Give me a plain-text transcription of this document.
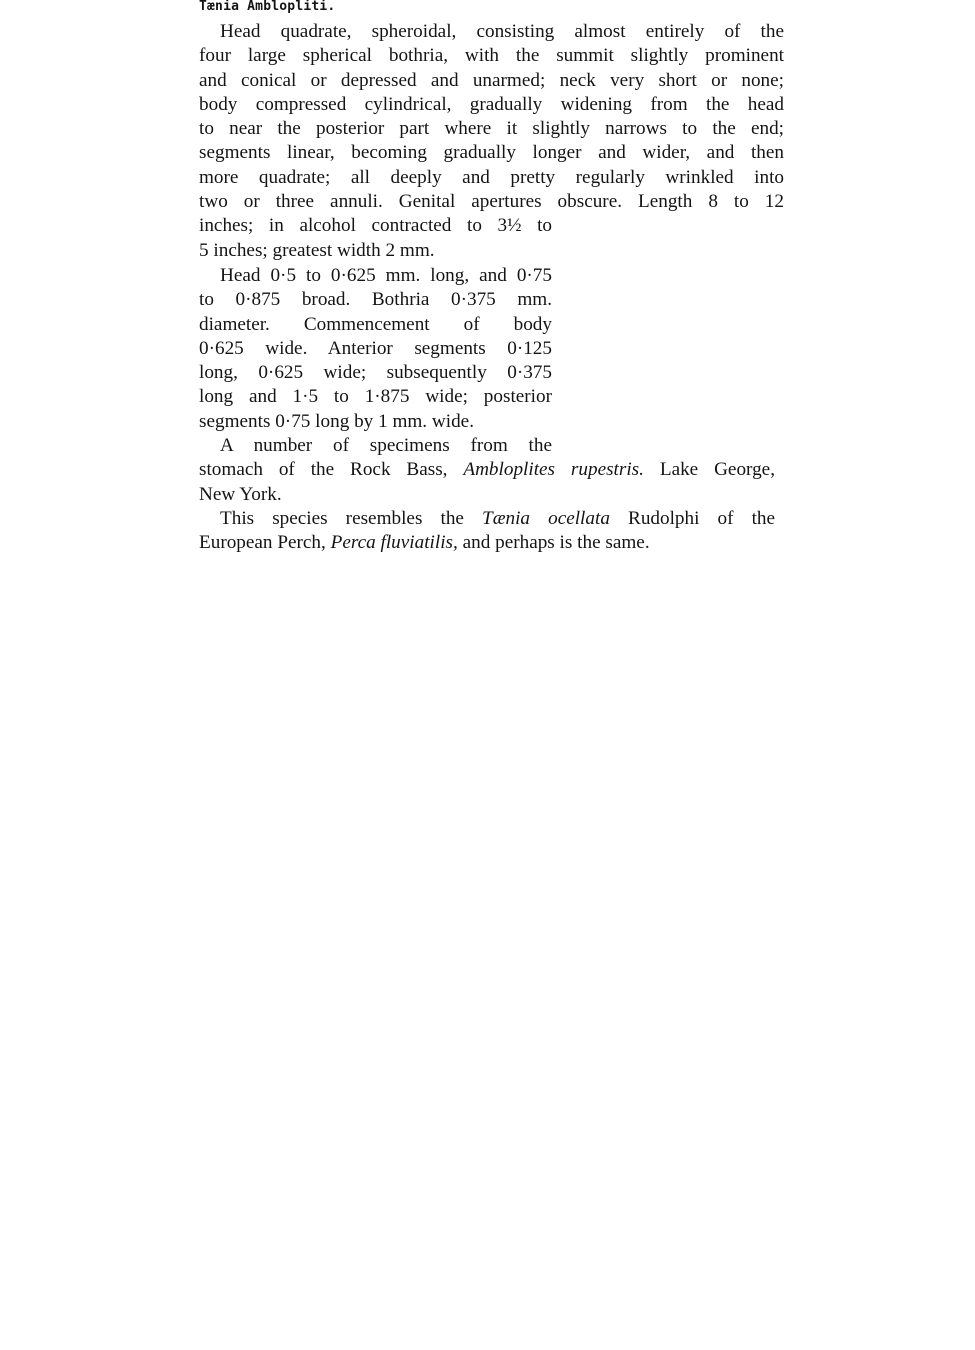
Tænia Amblopliti.
Head quadrate, spheroidal, consisting almost entirely of the
four large spherical bothria, with the summit slightly prominent
and conical or depressed and unarmed; neck very short or none;
body compressed cylindrical, gradually widening from the head
to near the posterior part where it slightly narrows to the end;
segments linear, becoming gradually longer and wider, and then
more quadrate; all deeply and pretty regularly wrinkled into
two or three annuli. Genital apertures obscure. Length 8 to 12
inches; in alcohol contracted to 3½ to
5 inches; greatest width 2 mm.
Head 0·5 to 0·625 mm. long, and 0·75
to 0·875 broad. Bothria 0·375 mm.
diameter. Commencement of body
0·625 wide. Anterior segments 0·125
long, 0·625 wide; subsequently 0·375
long and 1·5 to 1·875 wide; posterior
segments 0·75 long by 1 mm. wide.
A number of specimens from the
stomach of the Rock Bass, Ambloplites rupestris. Lake George,
New York.
This species resembles the Tænia ocellata Rudolphi of the
European Perch, Perca fluviatilis, and perhaps is the same.
